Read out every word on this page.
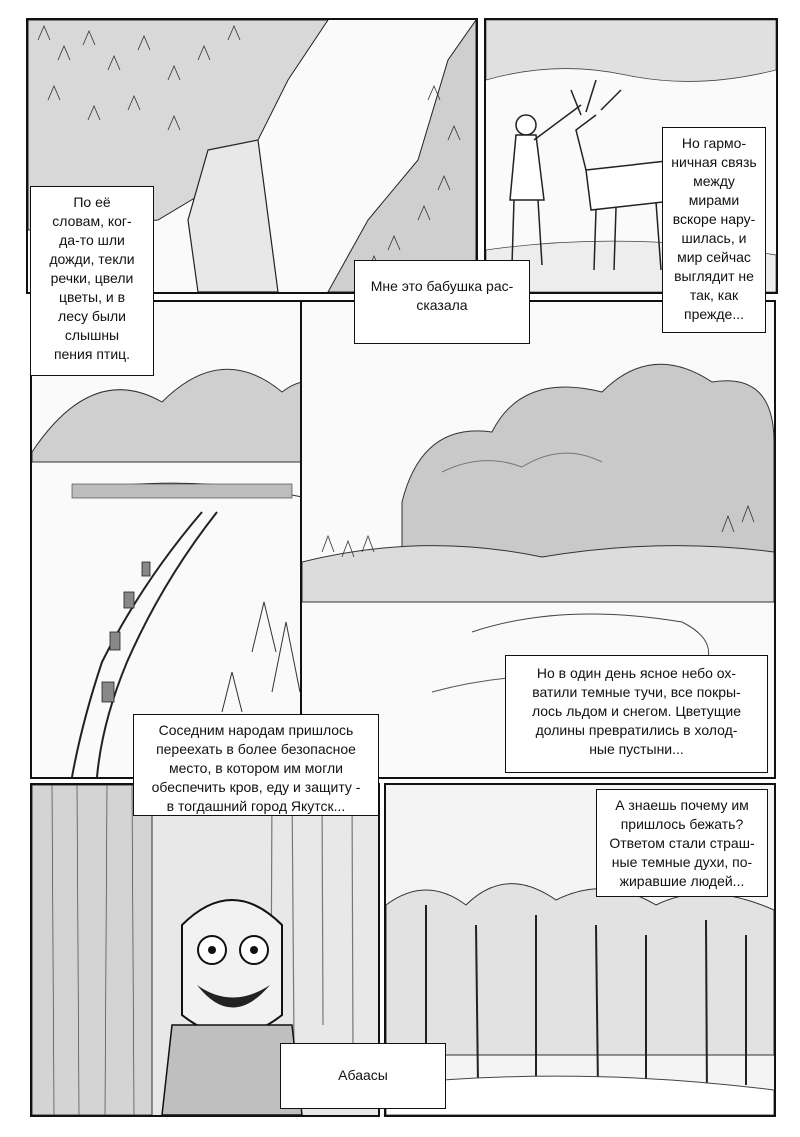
По её
словам, ког-
да-то шли
дожди, текли
речки, цвели
цветы, и в
лесу были
слышны
пения птиц.
Мне это бабушка рас-
сказала
Но гармо-
ничная связь
между
мирами
вскоре нару-
шилась, и
мир сейчас
выглядит не
так, как
прежде...
Но в один день ясное небо ох-
ватили темные тучи, все покры-
лось льдом и снегом. Цветущие
долины превратились в холод-
ные пустыни...
Соседним народам пришлось
переехать в более безопасное
место, в котором им могли
обеспечить кров, еду и защиту -
в тогдашний город Якутск...	А знаешь почему им
пришлось бежать?
Ответом стали страш-
ные темные духи, по-
жиравшие людей...
Абаасы
